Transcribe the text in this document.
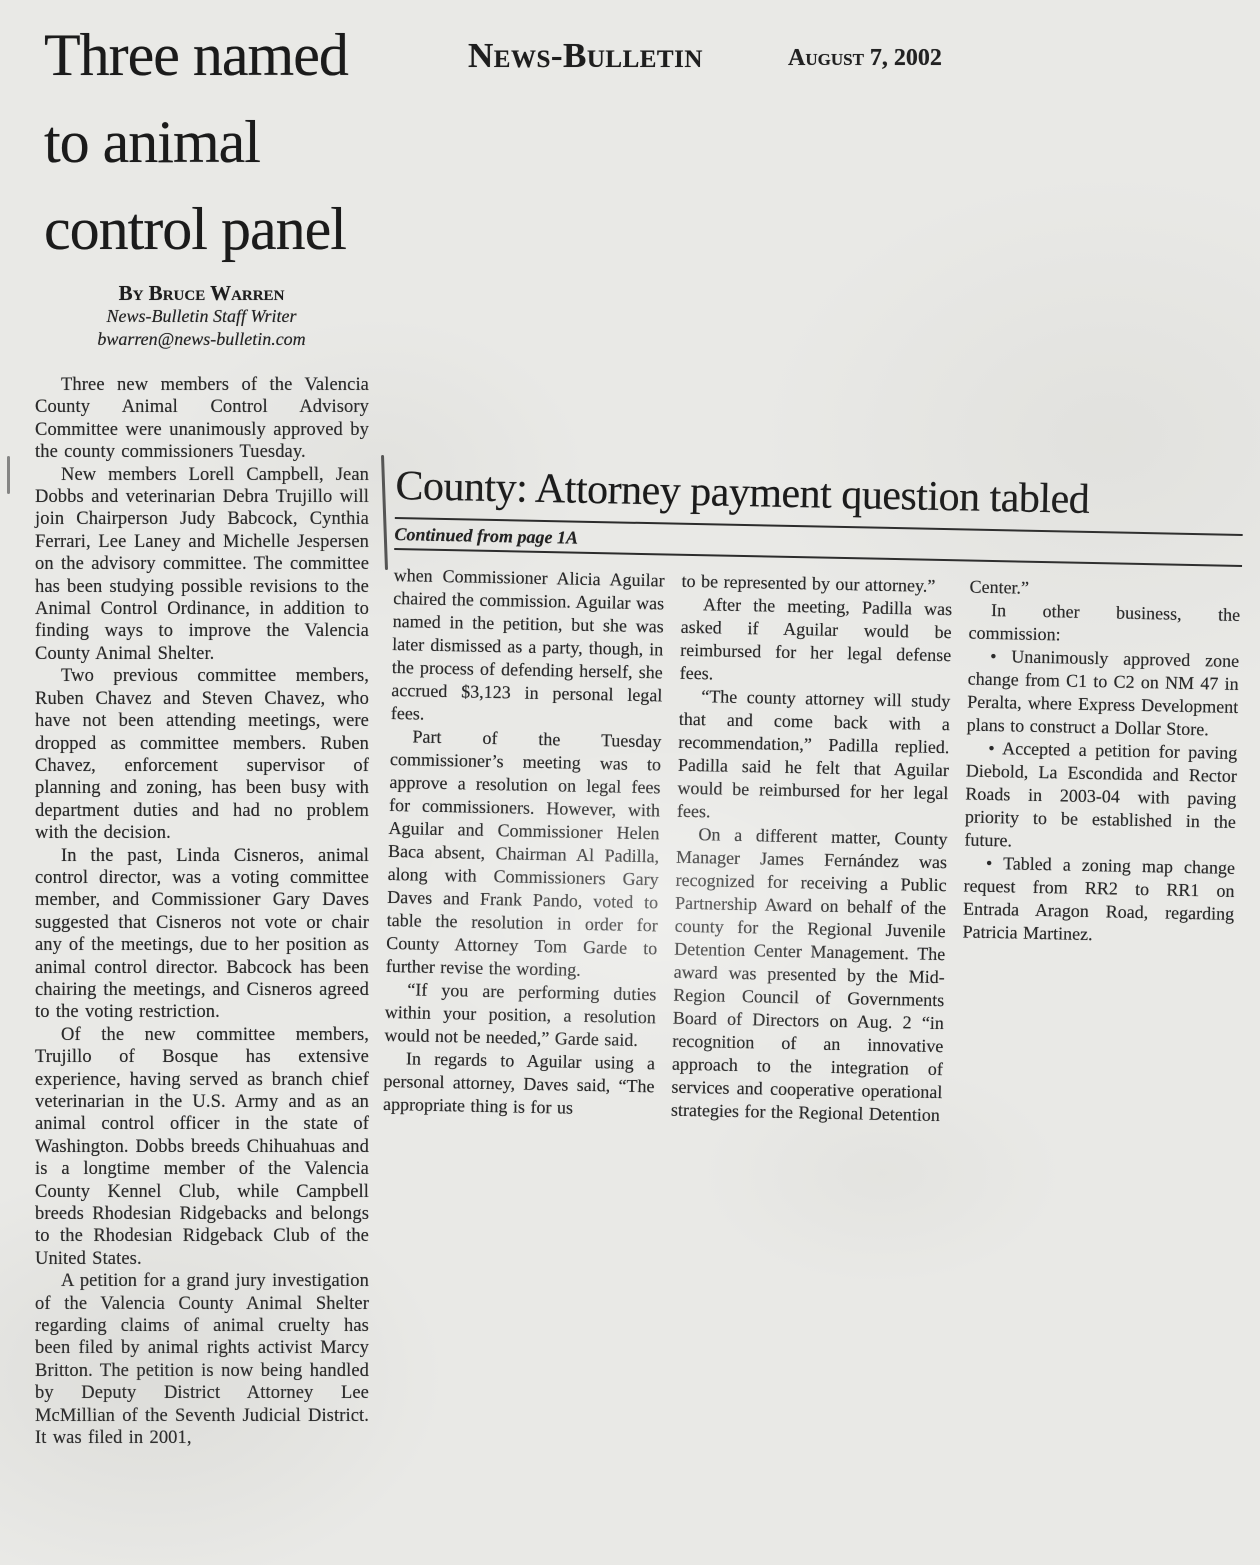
Three named
to animal
control panel
News-Bulletin	August 7, 2002
By Bruce Warren
News-Bulletin Staff Writer
bwarren@news-bulletin.com

Three new members of the Valencia County Animal Control Advisory Committee were unanimously approved by the county commissioners Tuesday.

New members Lorell Campbell, Jean Dobbs and veterinarian Debra Trujillo will join Chairperson Judy Babcock, Cynthia Ferrari, Lee Laney and Michelle Jespersen on the advisory committee. The committee has been studying possible revisions to the Animal Control Ordinance, in addition to finding ways to improve the Valencia County Animal Shelter.

Two previous committee members, Ruben Chavez and Steven Chavez, who have not been attending meetings, were dropped as committee members. Ruben Chavez, enforcement supervisor of planning and zoning, has been busy with department duties and had no problem with the decision.

In the past, Linda Cisneros, animal control director, was a voting committee member, and Commissioner Gary Daves suggested that Cisneros not vote or chair any of the meetings, due to her position as animal control director. Babcock has been chairing the meetings, and Cisneros agreed to the voting restriction.

Of the new committee members, Trujillo of Bosque has extensive experience, having served as branch chief veterinarian in the U.S. Army and as an animal control officer in the state of Washington. Dobbs breeds Chihuahuas and is a longtime member of the Valencia County Kennel Club, while Campbell breeds Rhodesian Ridgebacks and belongs to the Rhodesian Ridgeback Club of the United States.

A petition for a grand jury investigation of the Valencia County Animal Shelter regarding claims of animal cruelty has been filed by animal rights activist Marcy Britton. The petition is now being handled by Deputy District Attorney Lee McMillian of the Seventh Judicial District. It was filed in 2001,

County: Attorney payment question tabled
Continued from page 1A

when Commissioner Alicia Aguilar chaired the commission. Aguilar was named in the petition, but she was later dismissed as a party, though, in the process of defending herself, she accrued $3,123 in personal legal fees.

Part of the Tuesday commissioner’s meeting was to approve a resolution on legal fees for commissioners. However, with Aguilar and Commissioner Helen Baca absent, Chairman Al Padilla, along with Commissioners Gary Daves and Frank Pando, voted to table the resolution in order for County Attorney Tom Garde to further revise the wording.

“If you are performing duties within your position, a resolution would not be needed,” Garde said.

In regards to Aguilar using a personal attorney, Daves said, “The appropriate thing is for us

to be represented by our attorney.”

After the meeting, Padilla was asked if Aguilar would be reimbursed for her legal defense fees.

“The county attorney will study that and come back with a recommendation,” Padilla replied. Padilla said he felt that Aguilar would be reimbursed for her legal fees.

On a different matter, County Manager James Fernández was recognized for receiving a Public Partnership Award on behalf of the county for the Regional Juvenile Detention Center Management. The award was presented by the Mid-Region Council of Governments Board of Directors on Aug. 2 “in recognition of an innovative approach to the integration of services and cooperative operational strategies for the Regional Detention

Center.”

In other business, the commission:

• Unanimously approved zone change from C1 to C2 on NM 47 in Peralta, where Express Development plans to construct a Dollar Store.

• Accepted a petition for paving Diebold, La Escondida and Rector Roads in 2003-04 with paving priority to be established in the future.

• Tabled a zoning map change request from RR2 to RR1 on Entrada Aragon Road, regarding Patricia Martinez.
